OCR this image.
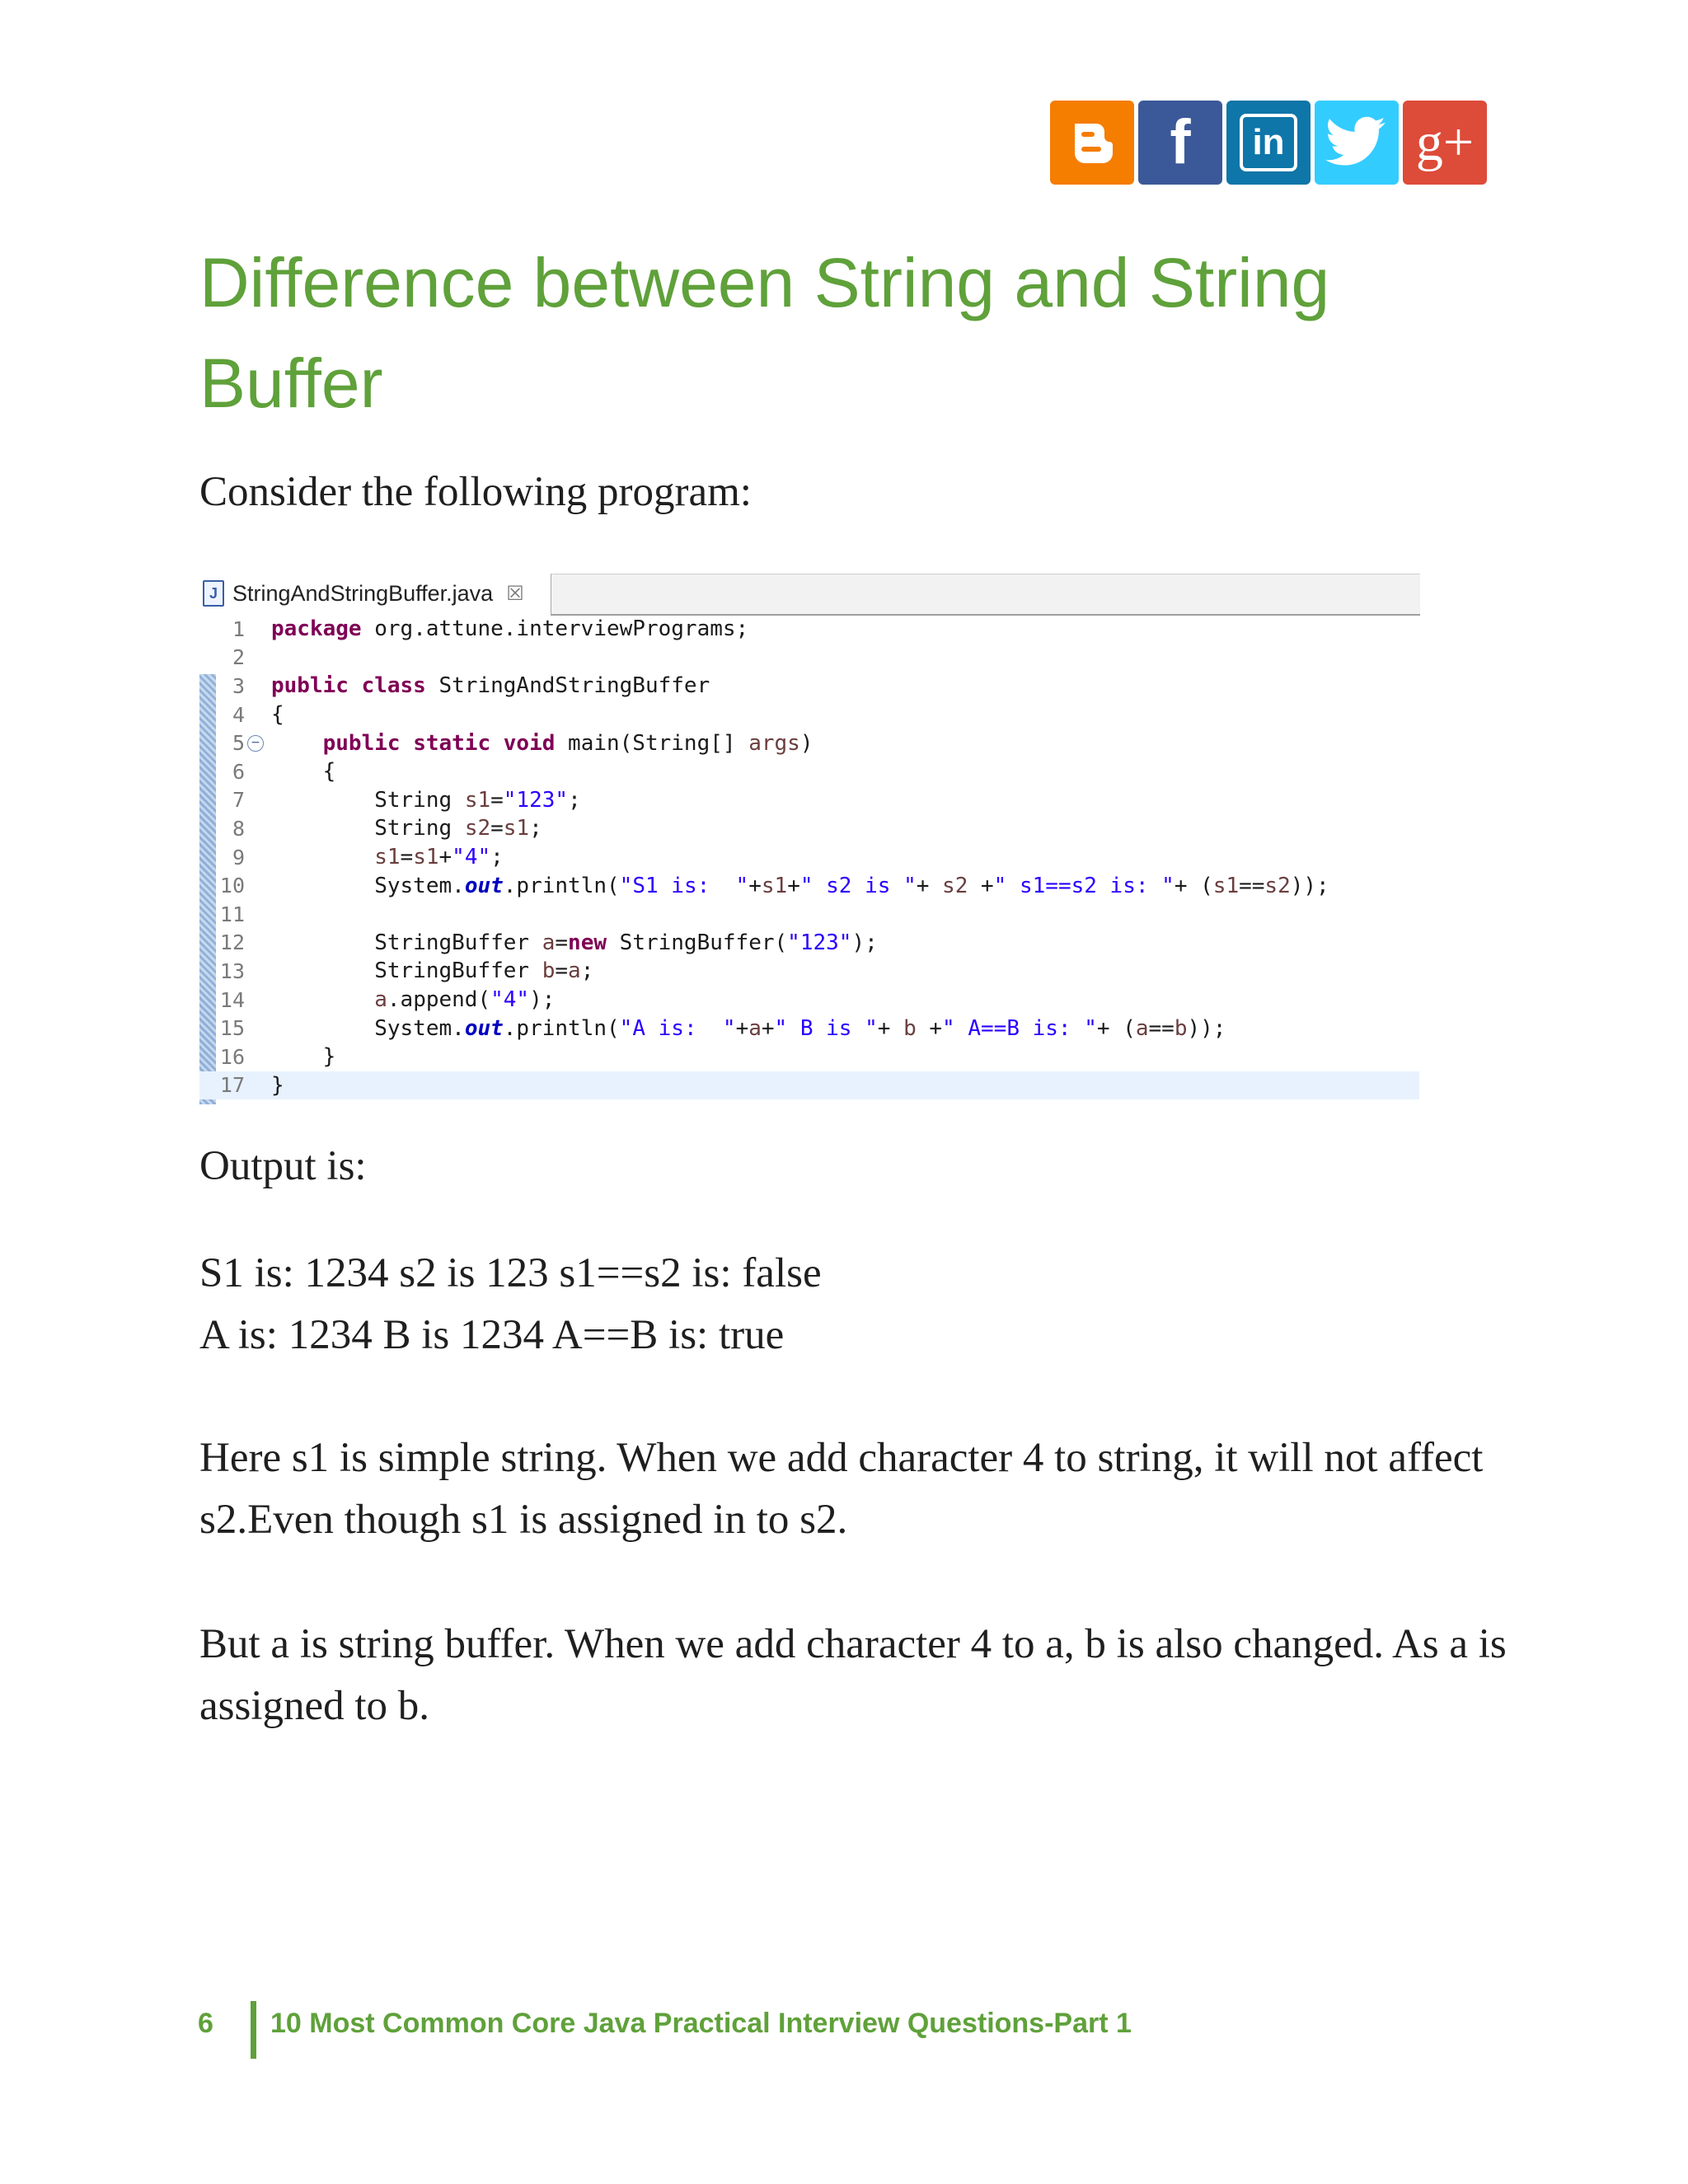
f in g+
Difference between String and String Buffer

Consider the following program:

J StringAndStringBuffer.java ☒
1 package org.attune.interviewPrograms;
2
3 public class StringAndStringBuffer
4 {
5 −
	public static void main(String[] args )
6 {
7 String s1 = "123" ;
8 String s2 = s1 ;
9
	s1 = s1 + "4" ;
10 System. out .println( "S1 is:  " + s1 + " s2 is " + s2 + " s1==s2 is: " + ( s1 == s2 ));
11
12 StringBuffer a = new StringBuffer( "123" );
13 StringBuffer b = a ;
14
	a .append( "4" );
15 System. out .println( "A is:  " + a + " B is " + b + " A==B is: " + ( a == b ));
16 }
17 }

Output is:

S1 is: 1234 s2 is 123 s1==s2 is: false

A is: 1234 B is 1234 A==B is: true

Here s1 is simple string. When we add character 4 to string, it will not affect s2.Even though s1 is assigned in to s2.

But a is string buffer. When we add character 4 to a, b is also changed. As a is assigned to b.

6 10 Most Common Core Java Practical Interview Questions-Part 1
